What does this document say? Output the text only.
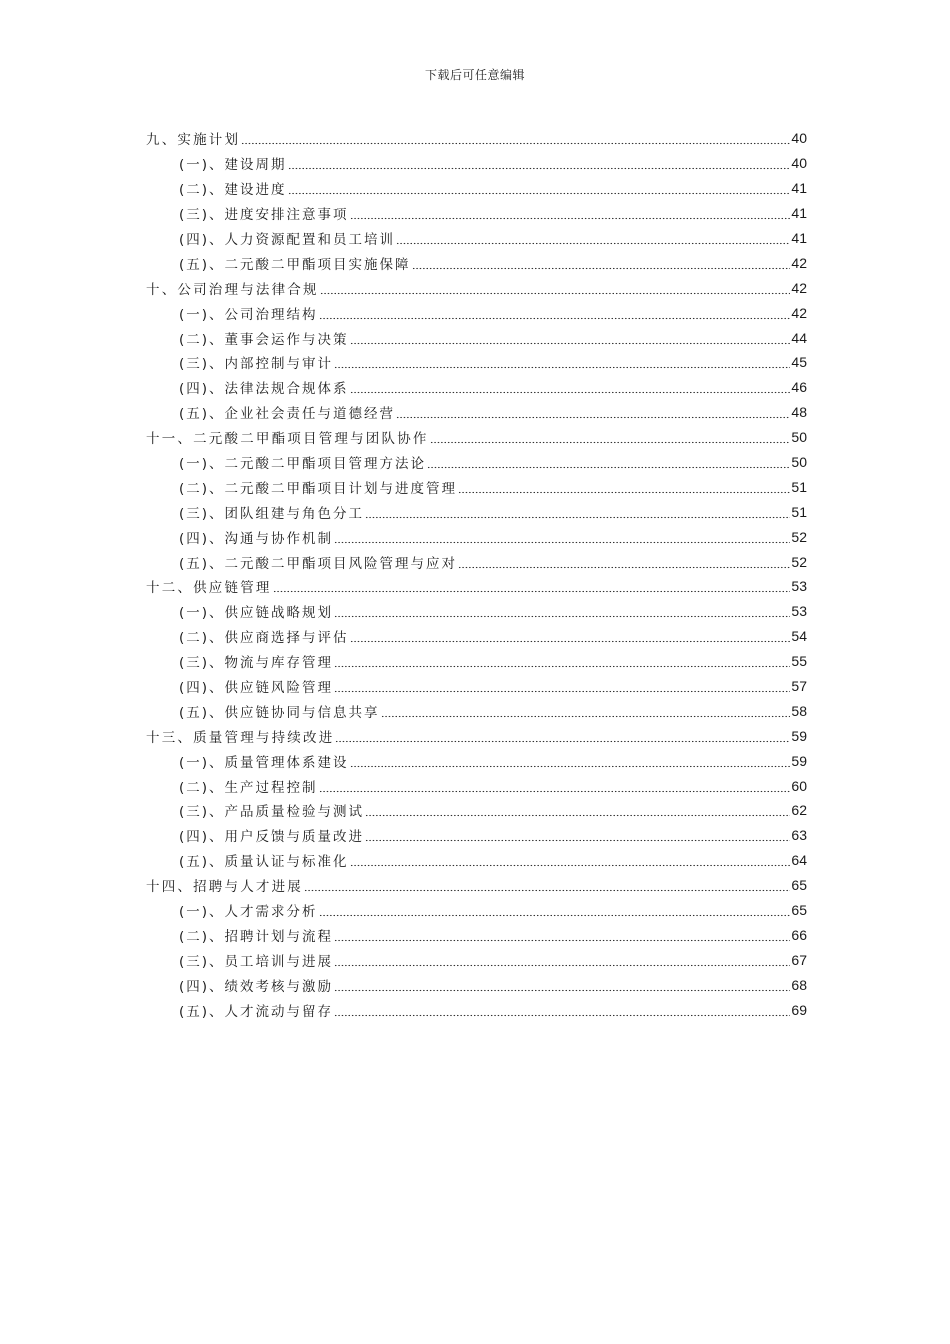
下载后可任意编辑
九、实施计划	40
(一)、建设周期	40
(二)、建设进度	41
(三)、进度安排注意事项	41
(四)、人力资源配置和员工培训	41
(五)、二元酸二甲酯项目实施保障	42
十、公司治理与法律合规	42
(一)、公司治理结构	42
(二)、董事会运作与决策	44
(三)、内部控制与审计	45
(四)、法律法规合规体系	46
(五)、企业社会责任与道德经营	48
十一、二元酸二甲酯项目管理与团队协作	50
(一)、二元酸二甲酯项目管理方法论	50
(二)、二元酸二甲酯项目计划与进度管理	51
(三)、团队组建与角色分工	51
(四)、沟通与协作机制	52
(五)、二元酸二甲酯项目风险管理与应对	52
十二、供应链管理	53
(一)、供应链战略规划	53
(二)、供应商选择与评估	54
(三)、物流与库存管理	55
(四)、供应链风险管理	57
(五)、供应链协同与信息共享	58
十三、质量管理与持续改进	59
(一)、质量管理体系建设	59
(二)、生产过程控制	60
(三)、产品质量检验与测试	62
(四)、用户反馈与质量改进	63
(五)、质量认证与标准化	64
十四、招聘与人才进展	65
(一)、人才需求分析	65
(二)、招聘计划与流程	66
(三)、员工培训与进展	67
(四)、绩效考核与激励	68
(五)、人才流动与留存	69
